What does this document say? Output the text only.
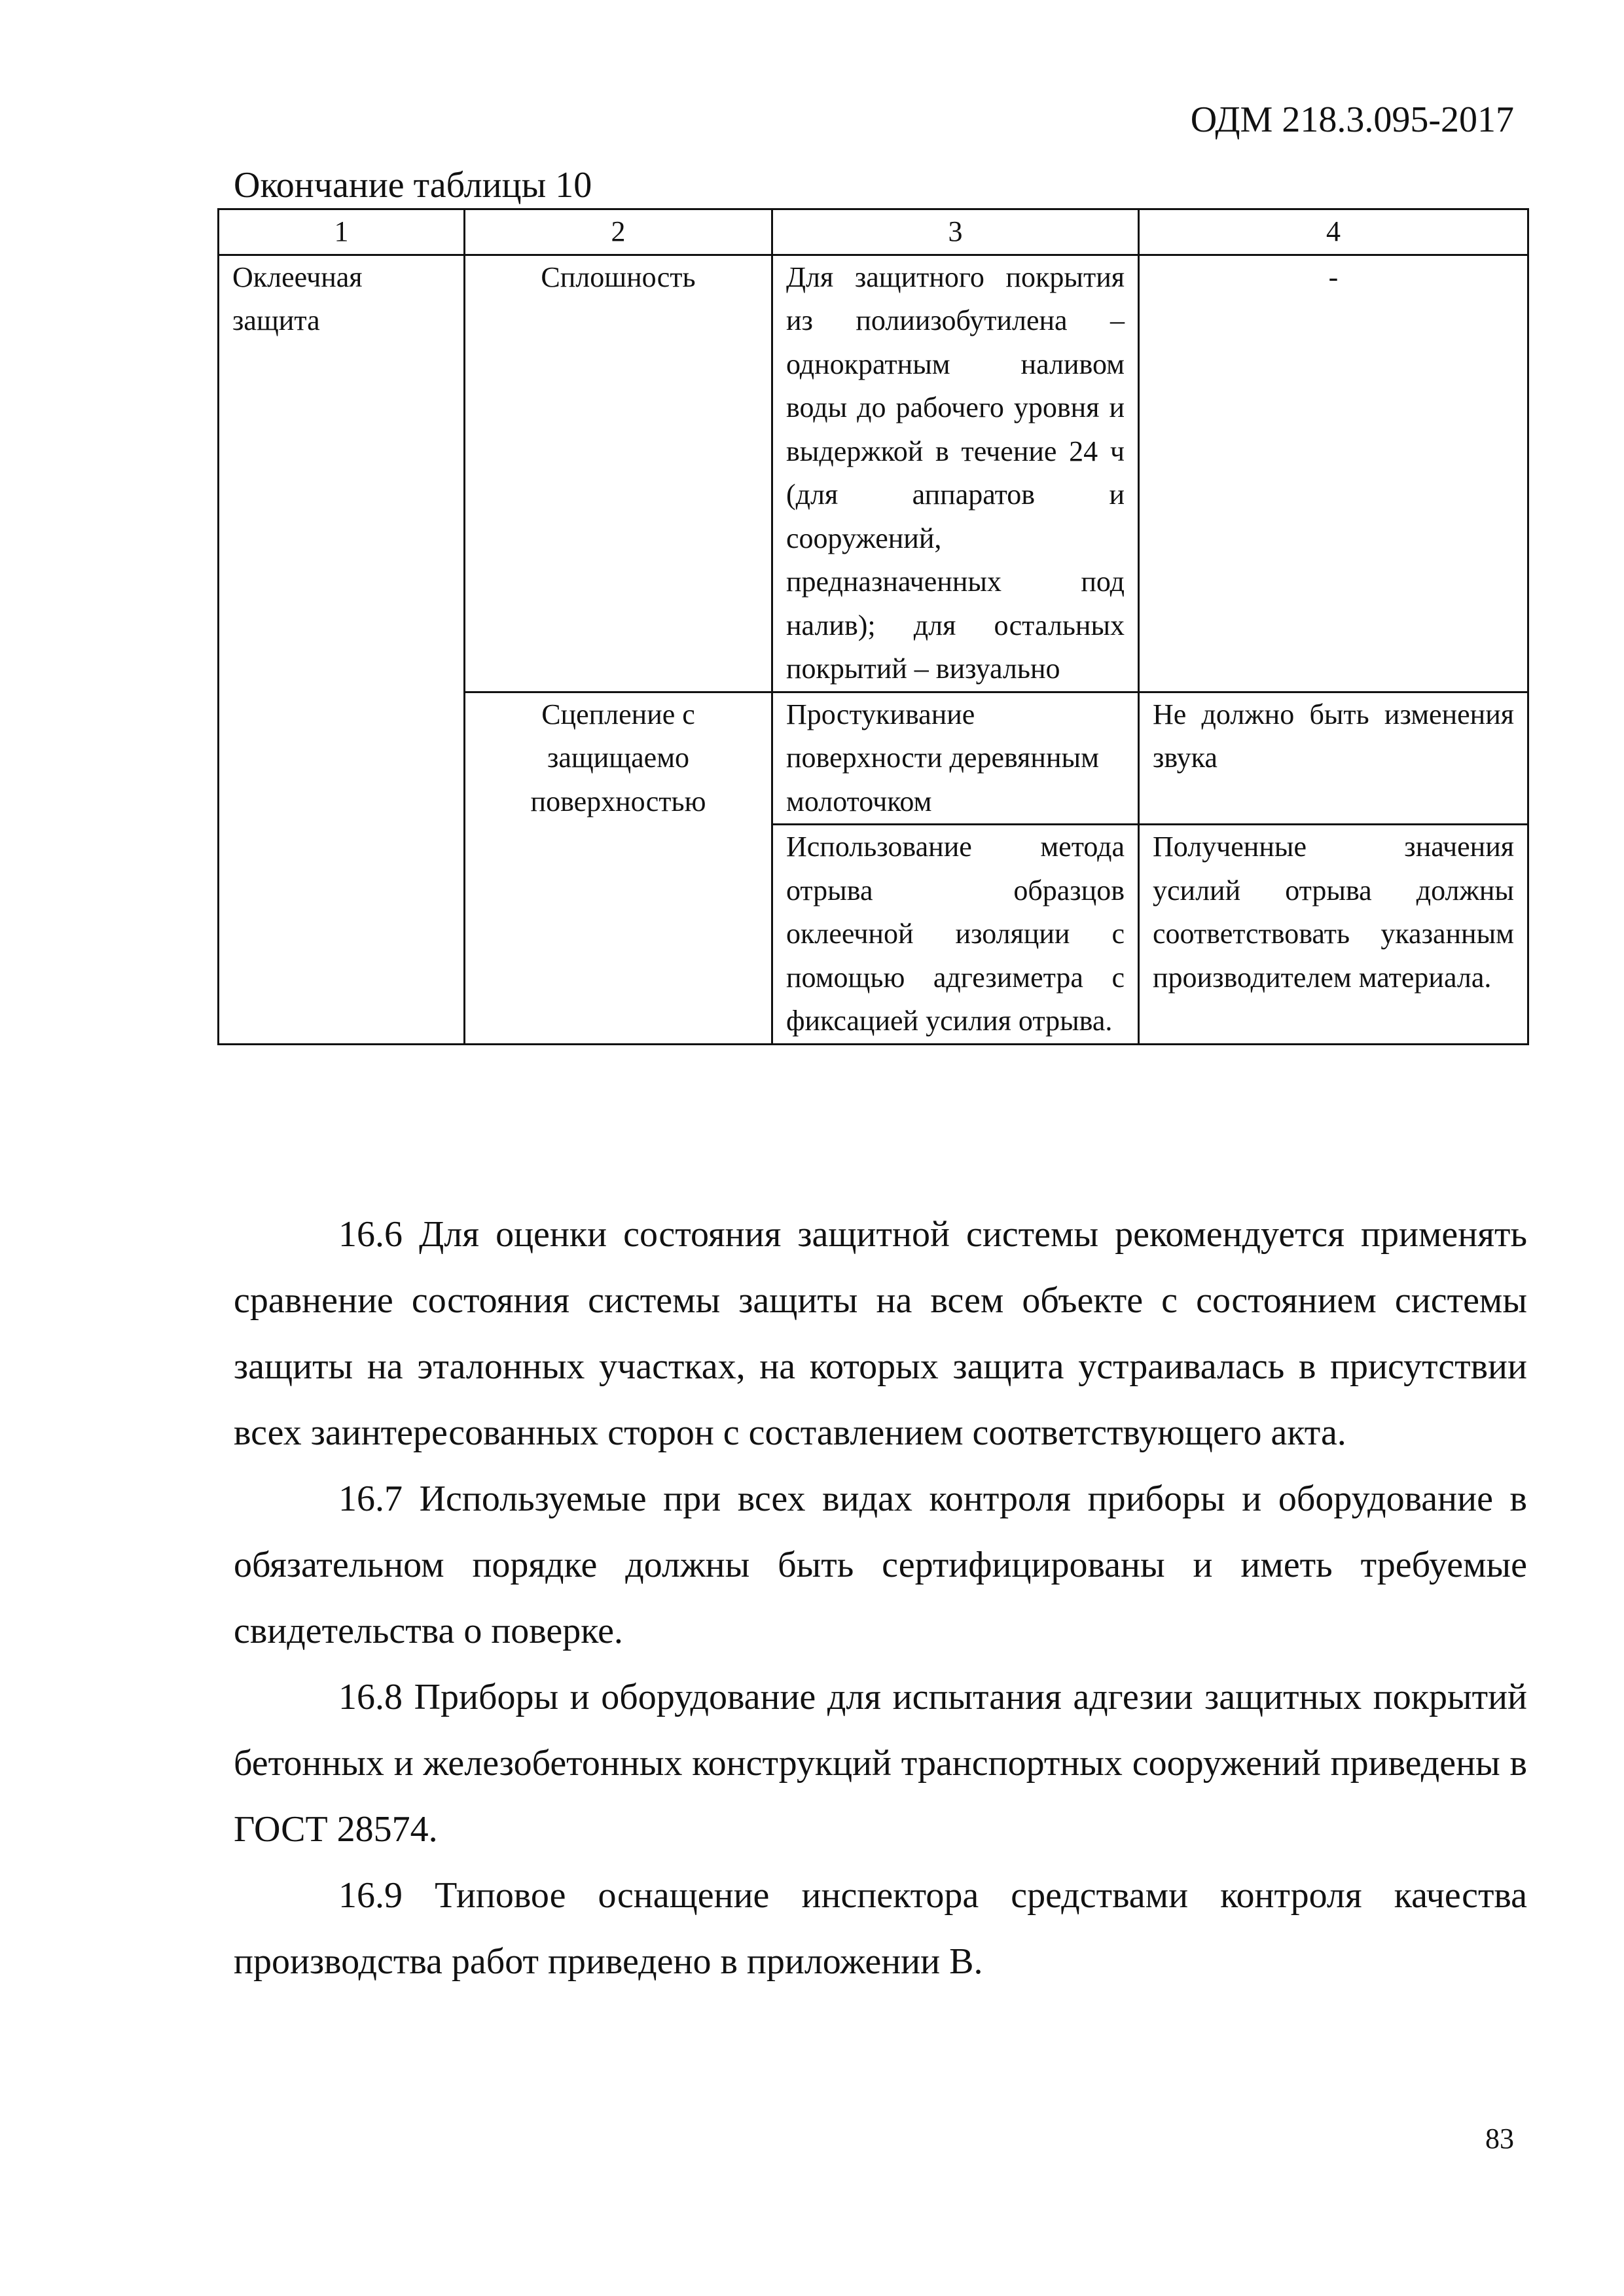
ОДМ 218.3.095-2017
Окончание таблицы 10
1	2	3	4
Оклеечная защита	Сплошность	Для защитного покрытия из полиизобутилена – однократным наливом воды до рабочего уровня и выдержкой в течение 24 ч (для аппаратов и сооружений, предназначенных под налив); для остальных покрытий – визуально	-
	Сцепление с защищаемо поверхностью	Простукивание поверхности деревянным молоточком	Не должно быть изменения звука
		Использование метода отрыва образцов оклеечной изоляции с помощью адгезиметра с фиксацией усилия отрыва.	Полученные значения усилий отрыва должны соответствовать указанным производителем материала.

16.6 Для оценки состояния защитной системы рекомендуется применять сравнение состояния системы защиты на всем объекте с состоянием системы защиты на эталонных участках, на которых защита устраивалась в присутствии всех заинтересованных сторон с составлением соответствующего акта.

16.7 Используемые при всех видах контроля приборы и оборудование в обязательном порядке должны быть сертифицированы и иметь требуемые свидетельства о поверке.

16.8 Приборы и оборудование для испытания адгезии защитных покрытий бетонных и железобетонных конструкций транспортных сооружений приведены в ГОСТ 28574.

16.9 Типовое оснащение инспектора средствами контроля качества производства работ приведено в приложении В.

83
